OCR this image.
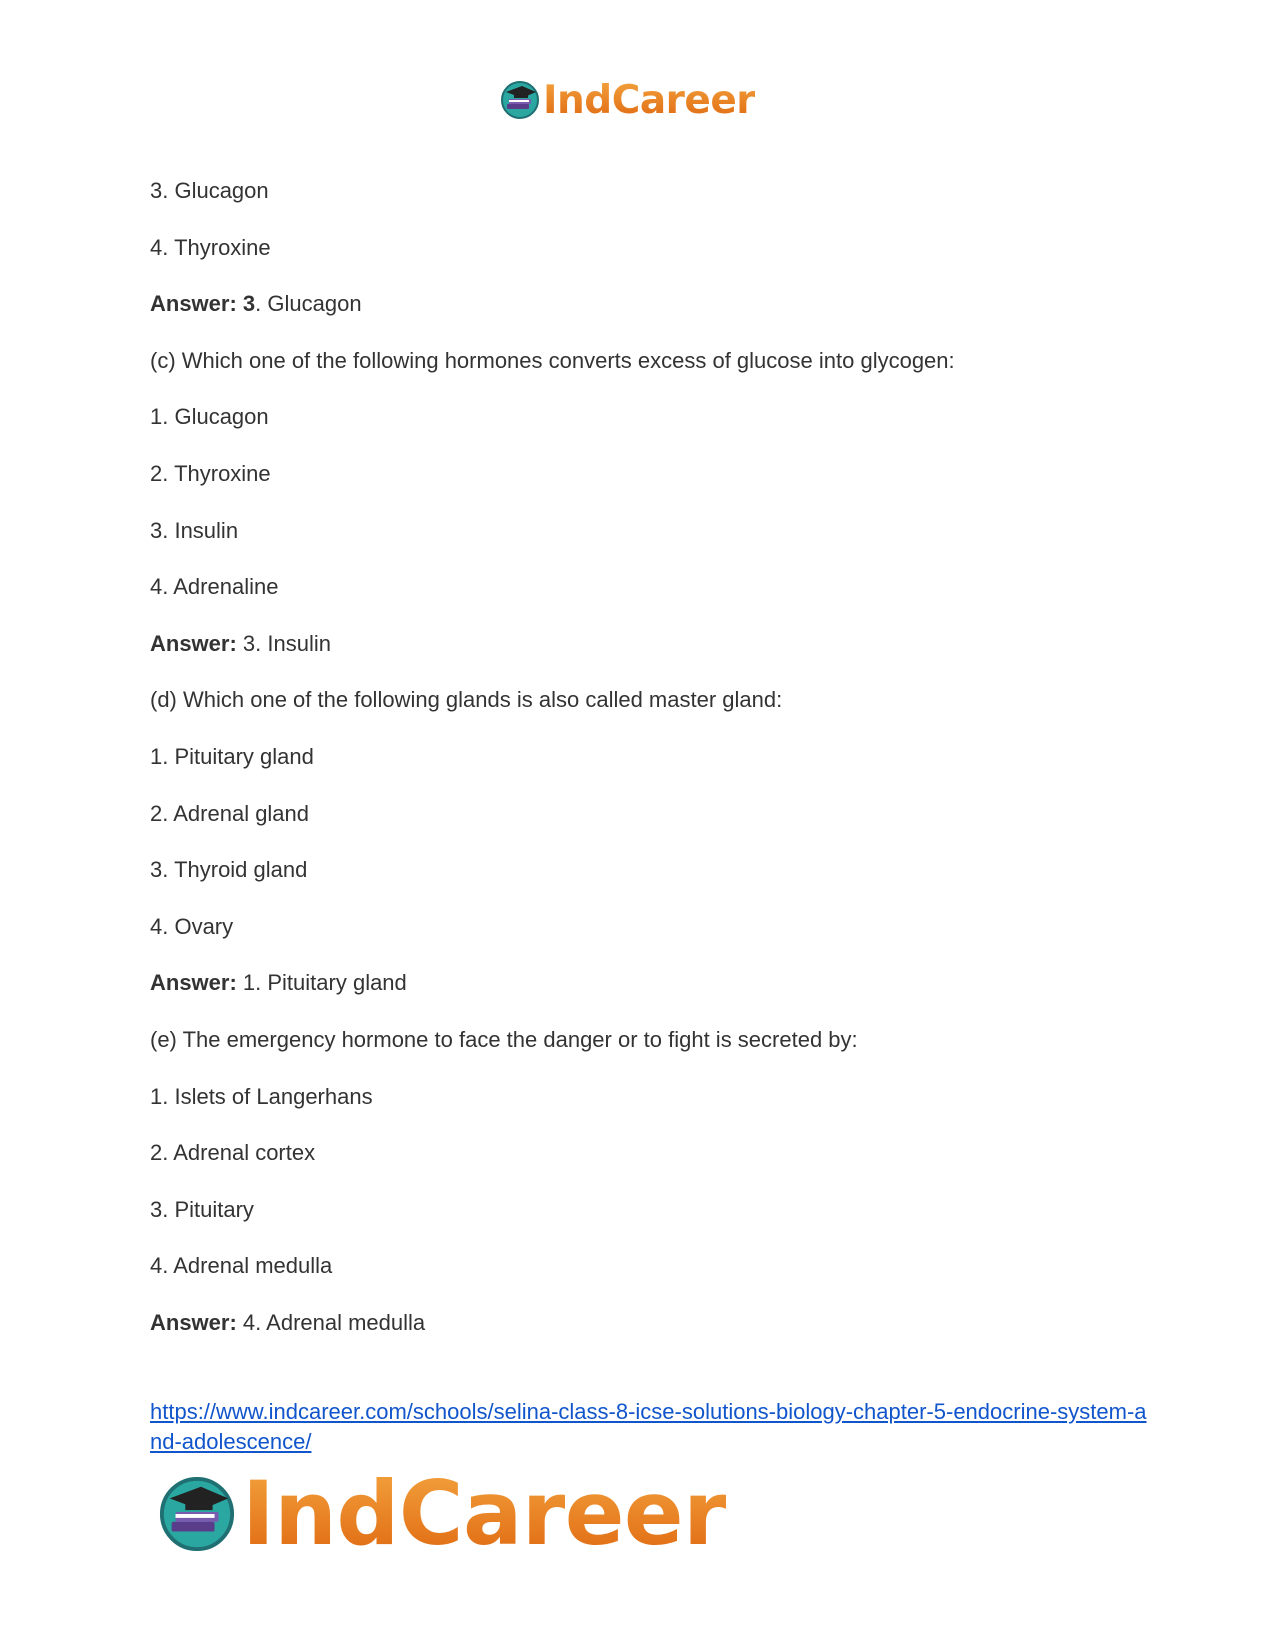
IndCareer
3. Glucagon
4. Thyroxine
Answer: 3. Glucagon
(c) Which one of the following hormones converts excess of glucose into glycogen:
1. Glucagon
2. Thyroxine
3. Insulin
4. Adrenaline
Answer: 3. Insulin
(d) Which one of the following glands is also called master gland:
1. Pituitary gland
2. Adrenal gland
3. Thyroid gland
4. Ovary
Answer: 1. Pituitary gland
(e) The emergency hormone to face the danger or to fight is secreted by:
1. Islets of Langerhans
2. Adrenal cortex
3. Pituitary
4. Adrenal medulla
Answer: 4. Adrenal medulla
https://www.indcareer.com/schools/selina-class-8-icse-solutions-biology-chapter-5-endocrine-system-and-adolescence/
IndCareer
